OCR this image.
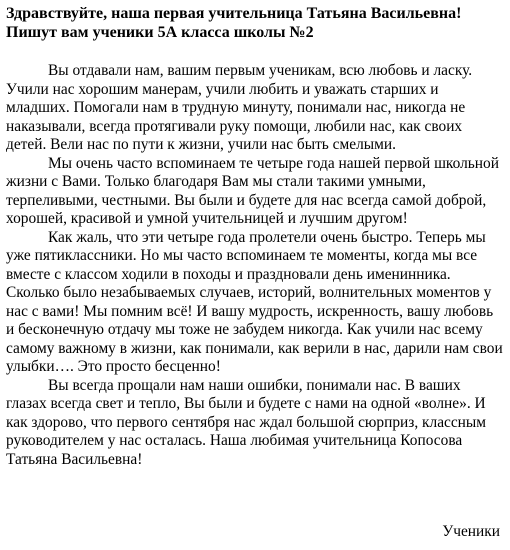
Здравствуйте, наша первая учительница Татьяна Васильевна!

Пишут вам ученики 5А класса школы №2

Вы отдавали нам, вашим первым ученикам, всю любовь и ласку. Учили нас хорошим манерам, учили любить и уважать старших и младших. Помогали нам в трудную минуту, понимали нас, никогда не наказывали, всегда протягивали руку помощи, любили нас, как своих детей. Вели нас по пути к жизни, учили нас быть смелыми.

Мы очень часто вспоминаем те четыре года нашей первой школьной жизни с Вами. Только благодаря Вам мы стали такими умными, терпеливыми, честными. Вы были и будете для нас всегда самой доброй, хорошей, красивой и умной учительницей и лучшим другом!

Как жаль, что эти четыре года пролетели очень быстро. Теперь мы уже пятиклассники. Но мы часто вспоминаем те моменты, когда мы все вместе с классом ходили в походы и праздновали день именинника. Сколько было незабываемых случаев, историй, волнительных моментов у нас с вами! Мы помним всё! И вашу мудрость, искренность, вашу любовь и бесконечную отдачу мы тоже не забудем никогда. Как учили нас всему самому важному в жизни, как понимали, как верили в нас, дарили нам свои улыбки…. Это просто бесценно!

Вы всегда прощали нам наши ошибки, понимали нас. В ваших глазах всегда свет и тепло, Вы были и будете с нами на одной «волне». И как здорово, что первого сентября нас ждал большой сюрприз, классным руководителем у нас осталась. Наша любимая учительница Копосова Татьяна Васильевна!

Ученики
